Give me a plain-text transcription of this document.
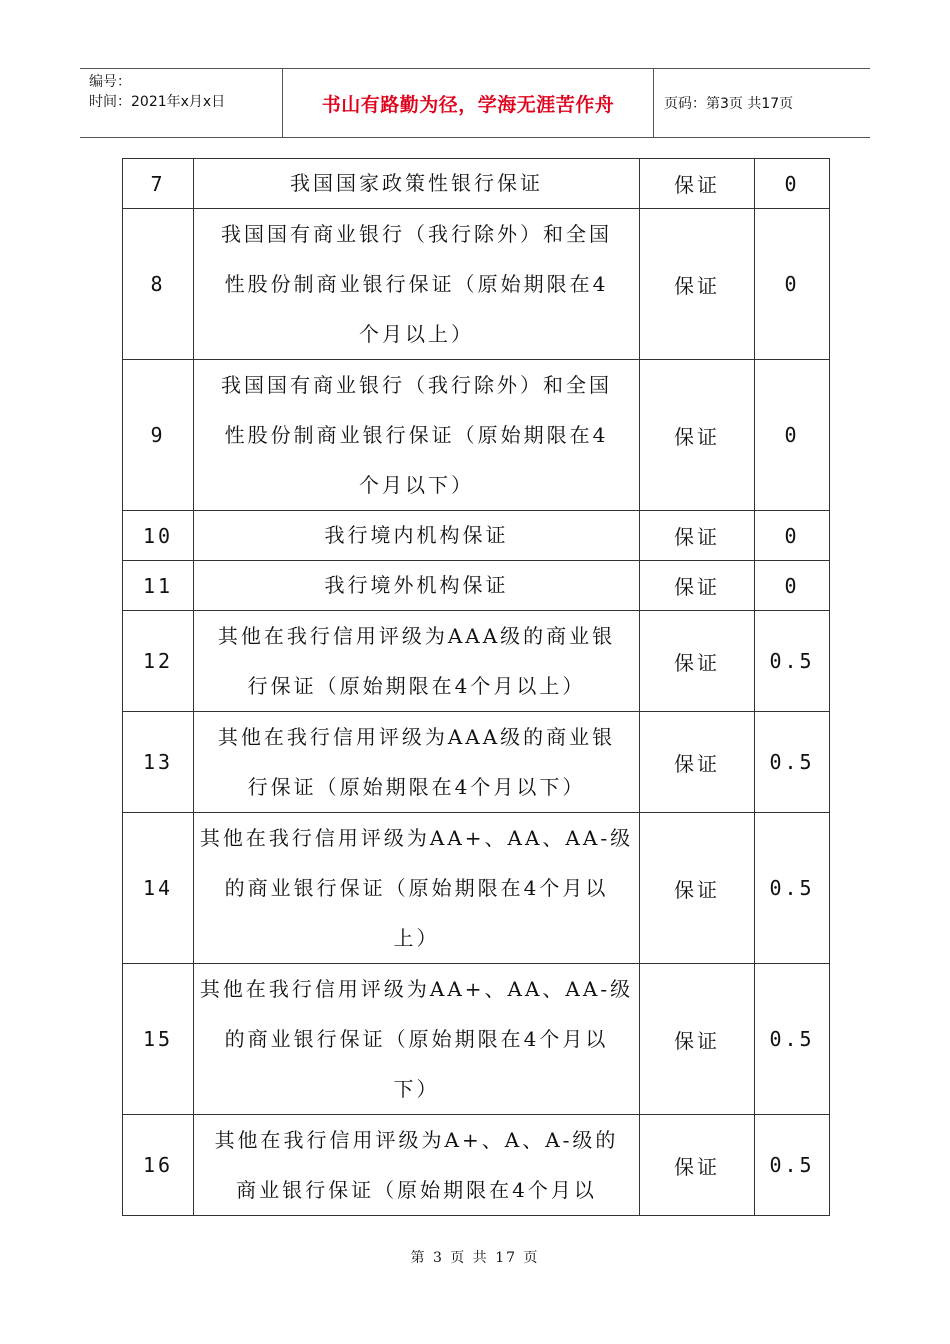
编号：
时间：2021年x月x日	书山有路勤为径，学海无涯苦作舟	页码：第3页 共17页
7	我国国家政策性银行保证	保证	0
8	我国国有商业银行（我行除外）和全国
性股份制商业银行保证（原始期限在4
个月以上）	保证	0
9	我国国有商业银行（我行除外）和全国
性股份制商业银行保证（原始期限在4
个月以下）	保证	0
10	我行境内机构保证	保证	0
11	我行境外机构保证	保证	0
12	其他在我行信用评级为AAA级的商业银
行保证（原始期限在4个月以上）	保证	0.5
13	其他在我行信用评级为AAA级的商业银
行保证（原始期限在4个月以下）	保证	0.5
14	其他在我行信用评级为AA+、AA、AA-级
的商业银行保证（原始期限在4个月以
上）	保证	0.5
15	其他在我行信用评级为AA+、AA、AA-级
的商业银行保证（原始期限在4个月以
下）	保证	0.5
16	其他在我行信用评级为A+、A、A-级的
商业银行保证（原始期限在4个月以	保证	0.5
第 3 页 共 17 页
